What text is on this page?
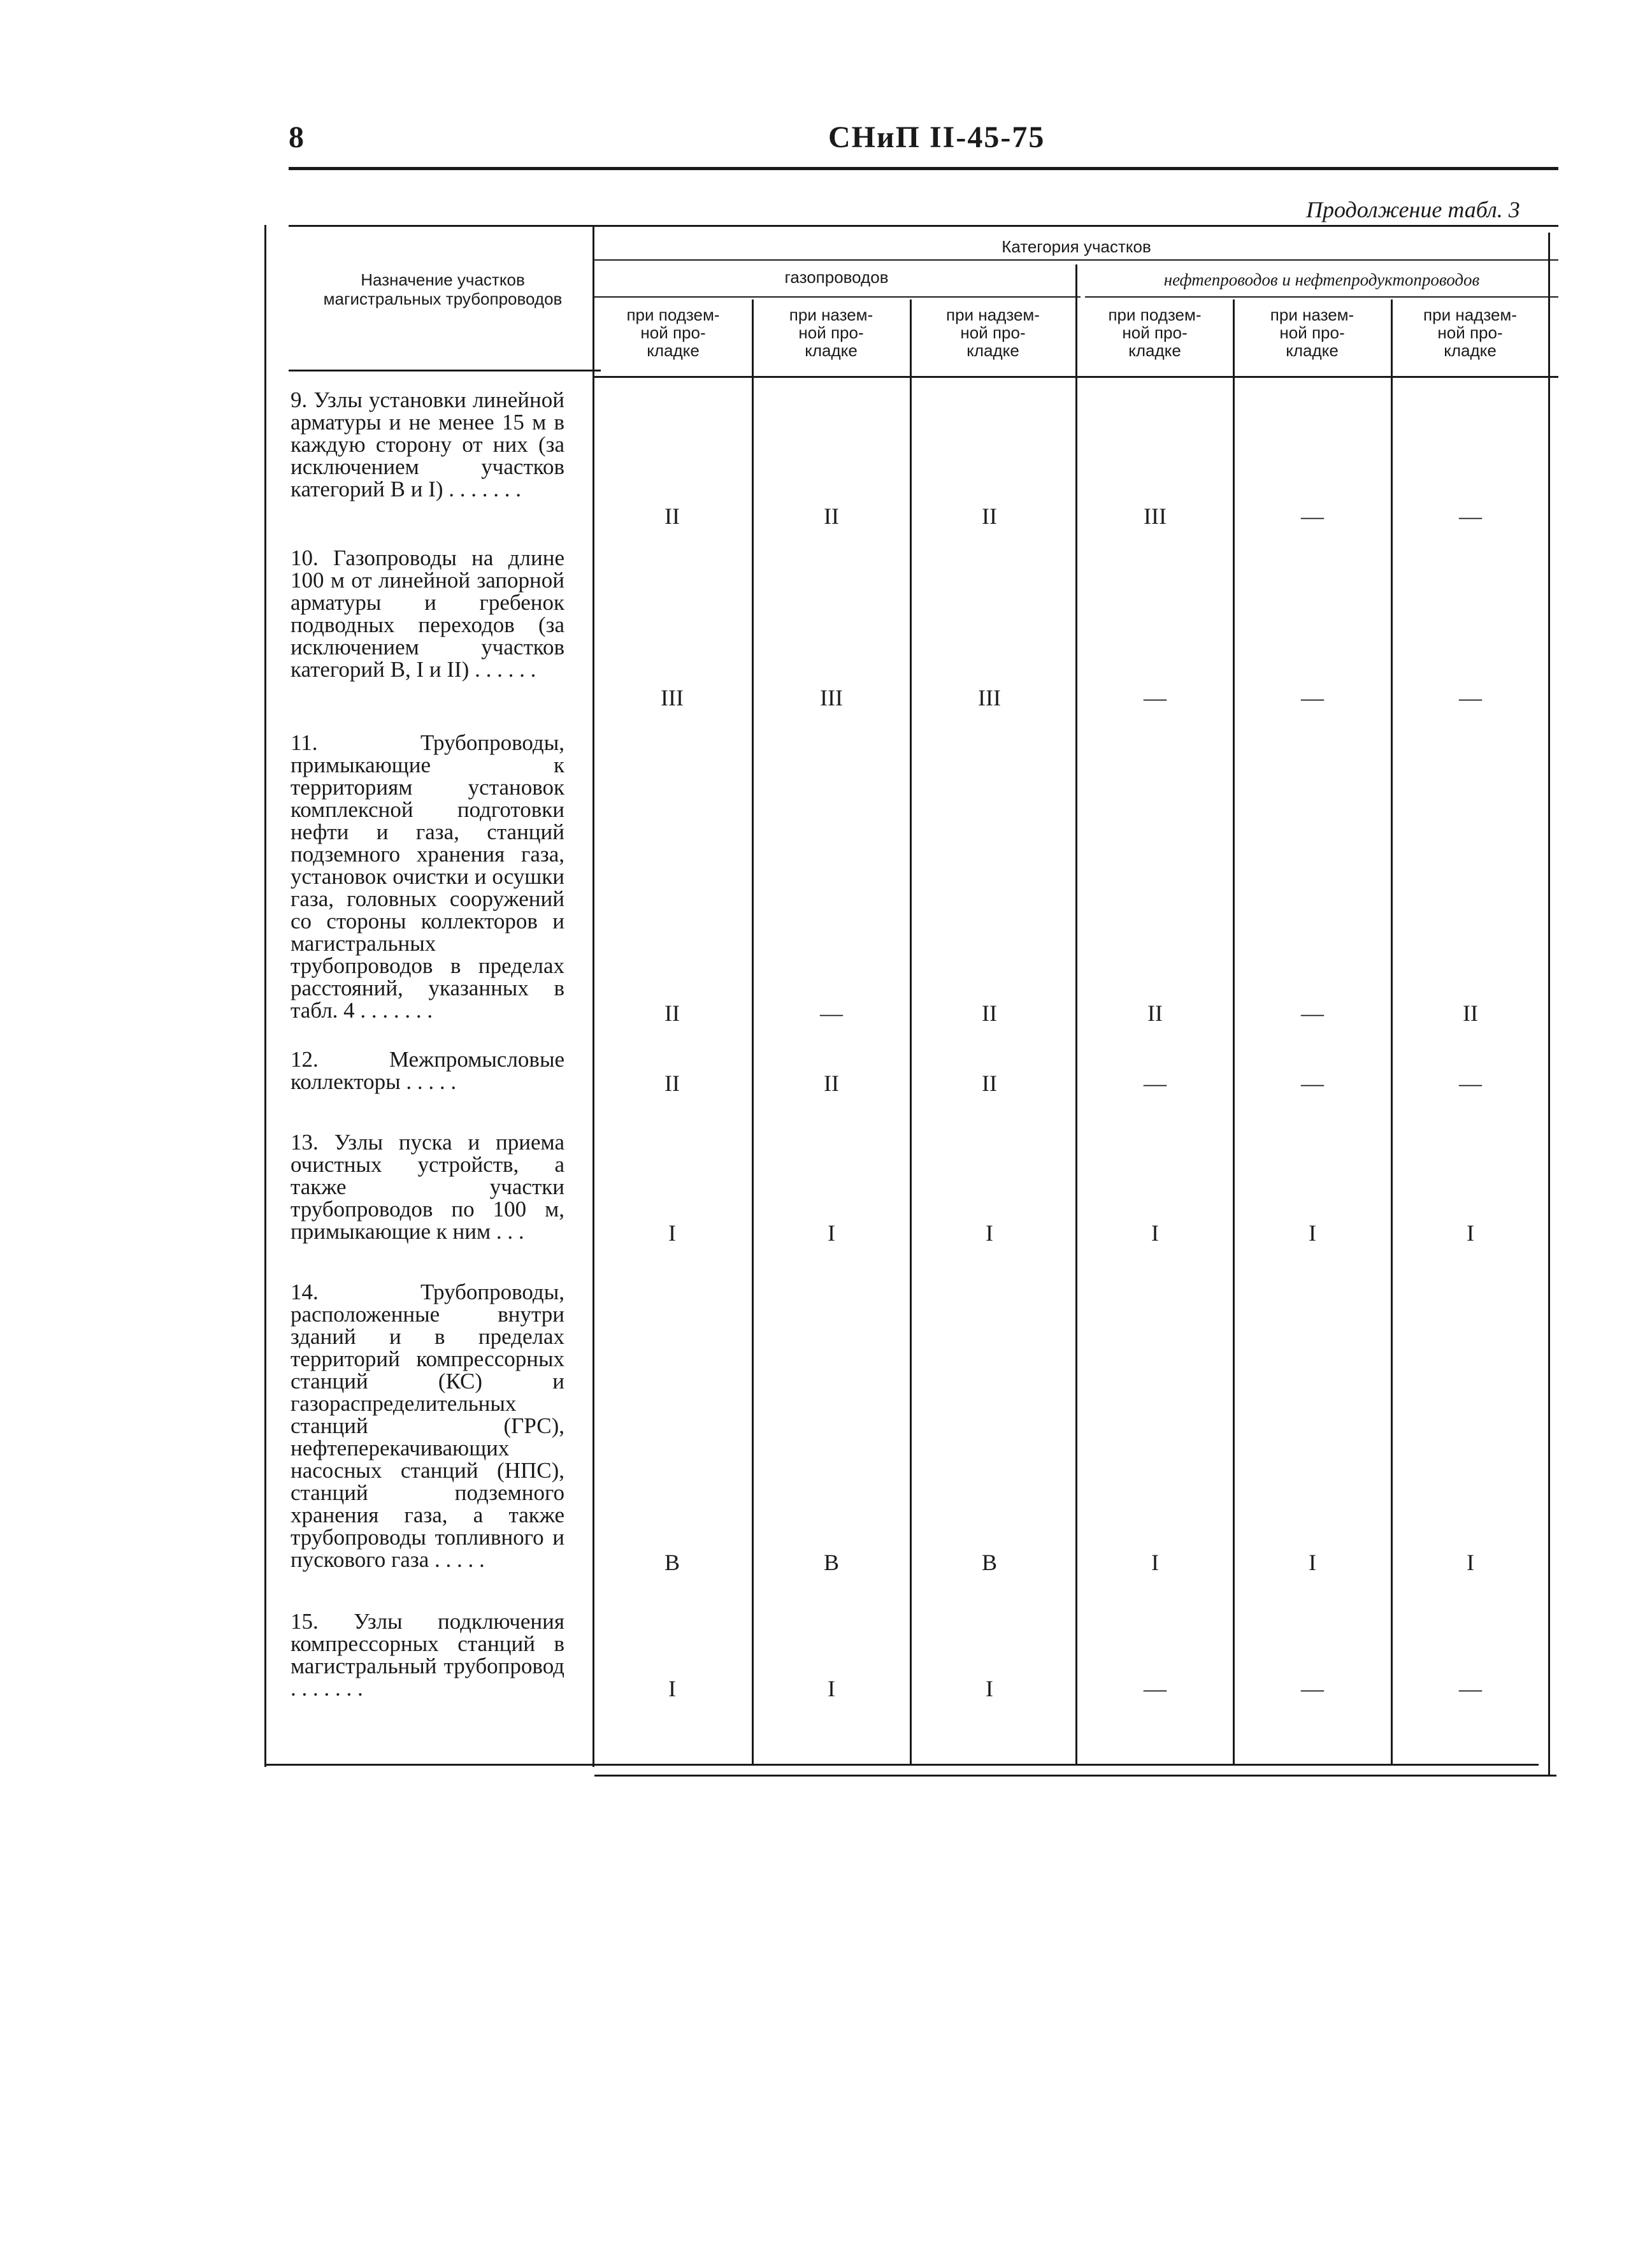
8	СНиП II-45-75
Продолжение табл. 3
Назначение участков магистральных трубопроводов
Категория участков
газопроводов	нефтепроводов и нефтепродуктопроводов
при подзем-
ной про-
кладке
при назем-
ной про-
кладке
при надзем-
ной про-
кладке
при подзем-
ной про-
кладке
при назем-
ной про-
кладке
при надзем-
ной про-
кладке
9. Узлы установки линейной арматуры и не менее 15 м в каждую сторону от них (за исключением участков категорий В и I) . . . . . . .
II	II	II	III	—	—
10. Газопроводы на длине 100 м от линейной запорной арматуры и гребенок подводных переходов (за исключением участков категорий В, I и II) . . . . . .
III	III	III	—	—	—
11. Трубопроводы, примыкающие к территориям установок комплексной подготовки нефти и газа, станций подземного хранения газа, установок очистки и осушки газа, головных сооружений со стороны коллекторов и магистральных трубопроводов в пределах расстояний, указанных в табл. 4 . . . . . . .	II	—	II	II	—	II
12. Межпромысловые коллекторы . . . . .	II	II	II	—	—	—
13. Узлы пуска и приема очистных устройств, а также участки трубопроводов по 100 м, примыкающие к ним . . .	I	I	I	I	I	I
14. Трубопроводы, расположенные внутри зданий и в пределах территорий компрессорных станций (КС) и газораспределительных станций (ГРС), нефтеперекачивающих насосных станций (НПС), станций подземного хранения газа, а также трубопроводы топливного и пускового газа . . . . .	В	В	В	I	I	I
15. Узлы подключения компрессорных станций в магистральный трубопровод . . . . . . .	I	I	I	—	—	—
